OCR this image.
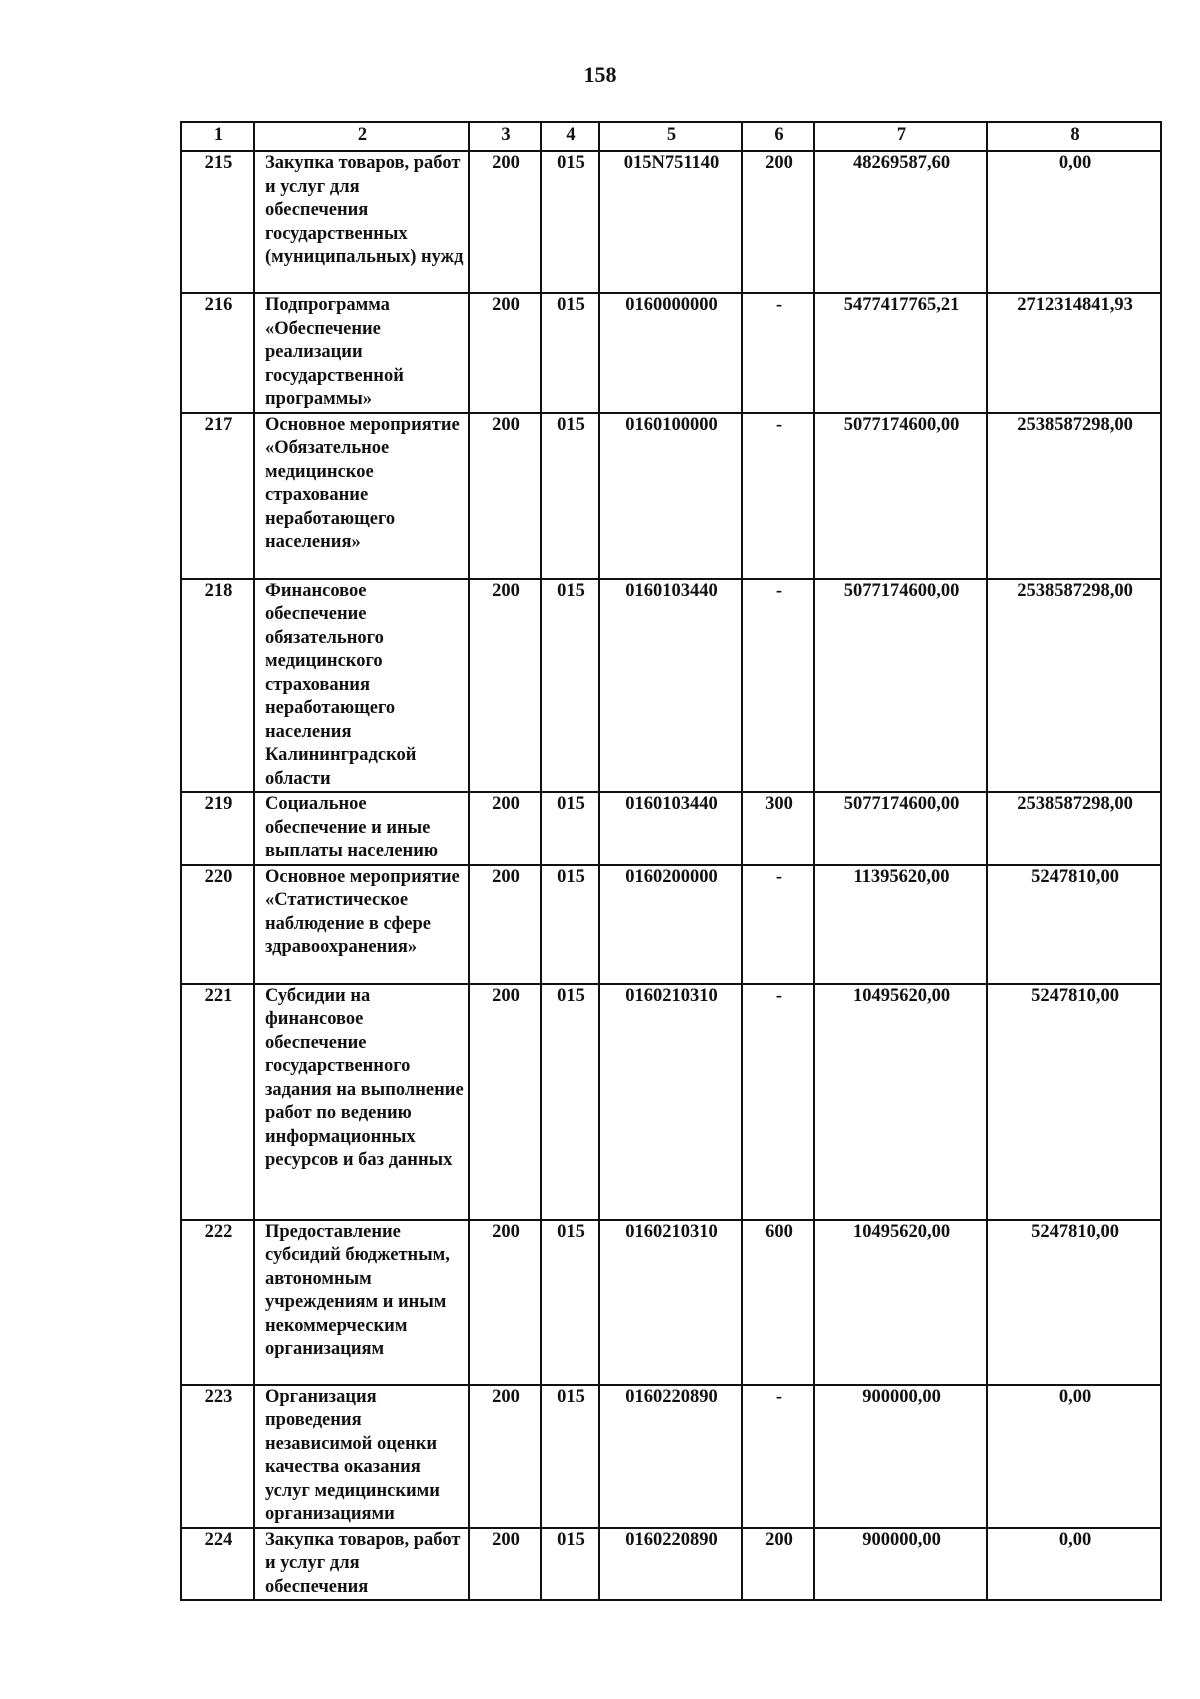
158
1	2	3	4	5	6	7	8
215	Закупка товаров, работ и услуг для обеспечения государственных (муниципальных) нужд	200	015	015N751140	200	48269587,60	0,00
216	Подпрограмма «Обеспечение реализации государственной программы»	200	015	0160000000	-	5477417765,21	2712314841,93
217	Основное мероприятие «Обязательное медицинское страхование неработающего населения»	200	015	0160100000	-	5077174600,00	2538587298,00
218	Финансовое обеспечение обязательного медицинского страхования неработающего населения Калининградской области	200	015	0160103440	-	5077174600,00	2538587298,00
219	Социальное обеспечение и иные выплаты населению	200	015	0160103440	300	5077174600,00	2538587298,00
220	Основное мероприятие «Статистическое наблюдение в сфере здравоохранения»	200	015	0160200000	-	11395620,00	5247810,00
221	Субсидии на финансовое обеспечение государственного задания на выполнение работ по ведению информационных ресурсов и баз данных	200	015	0160210310	-	10495620,00	5247810,00
222	Предоставление субсидий бюджетным, автономным учреждениям и иным некоммерческим организациям	200	015	0160210310	600	10495620,00	5247810,00
223	Организация проведения независимой оценки качества оказания услуг медицинскими организациями	200	015	0160220890	-	900000,00	0,00
224	Закупка товаров, работ и услуг для обеспечения	200	015	0160220890	200	900000,00	0,00
